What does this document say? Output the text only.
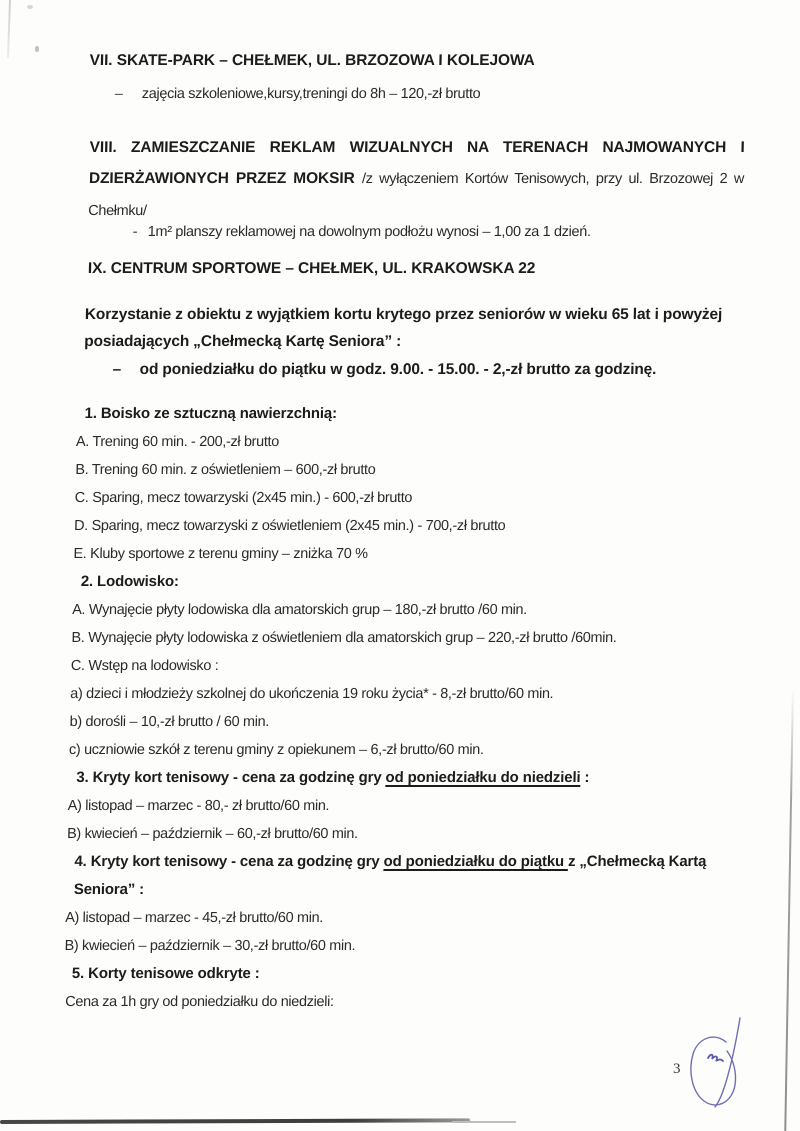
VII. SKATE-PARK – CHEŁMEK, UL. BRZOZOWA I KOLEJOWA
–	zajęcia szkoleniowe,kursy,treningi do 8h – 120,-zł brutto
VIII. ZAMIESZCZANIE REKLAM WIZUALNYCH NA TERENACH NAJMOWANYCH I DZIERŻAWIONYCH PRZEZ MOKSIR /z wyłączeniem Kortów Tenisowych, przy ul. Brzozowej 2 w Chełmku/
- 1m² planszy reklamowej na dowolnym podłożu wynosi – 1,00 za 1 dzień.
IX. CENTRUM SPORTOWE – CHEŁMEK, UL. KRAKOWSKA 22
Korzystanie z obiektu z wyjątkiem kortu krytego przez seniorów w wieku 65 lat i powyżej posiadających „Chełmecką Kartę Seniora” :
–	od poniedziałku do piątku w godz. 9.00. - 15.00. - 2,-zł brutto za godzinę.
1. Boisko ze sztuczną nawierzchnią:
A. Trening 60 min. - 200,-zł brutto
B. Trening 60 min. z oświetleniem – 600,-zł brutto
C. Sparing, mecz towarzyski (2x45 min.) - 600,-zł brutto
D. Sparing, mecz towarzyski z oświetleniem (2x45 min.) - 700,-zł brutto
E. Kluby sportowe z terenu gminy – zniżka 70 %
2. Lodowisko:
A. Wynajęcie płyty lodowiska dla amatorskich grup – 180,-zł brutto /60 min.
B. Wynajęcie płyty lodowiska z oświetleniem dla amatorskich grup – 220,-zł brutto /60min.
C. Wstęp na lodowisko :
a) dzieci i młodzieży szkolnej do ukończenia 19 roku życia* - 8,-zł brutto/60 min.
b) dorośli – 10,-zł brutto / 60 min.
c) uczniowie szkół z terenu gminy z opiekunem – 6,-zł brutto/60 min.
3. Kryty kort tenisowy - cena za godzinę gry od poniedziałku do niedzieli :
A) listopad – marzec - 80,- zł brutto/60 min.
B) kwiecień – październik – 60,-zł brutto/60 min.
4. Kryty kort tenisowy - cena za godzinę gry od poniedziałku do piątku z „Chełmecką Kartą Seniora” :
A) listopad – marzec - 45,-zł brutto/60 min.
B) kwiecień – październik – 30,-zł brutto/60 min.
5. Korty tenisowe odkryte :
Cena za 1h gry od poniedziałku do niedzieli:
3
